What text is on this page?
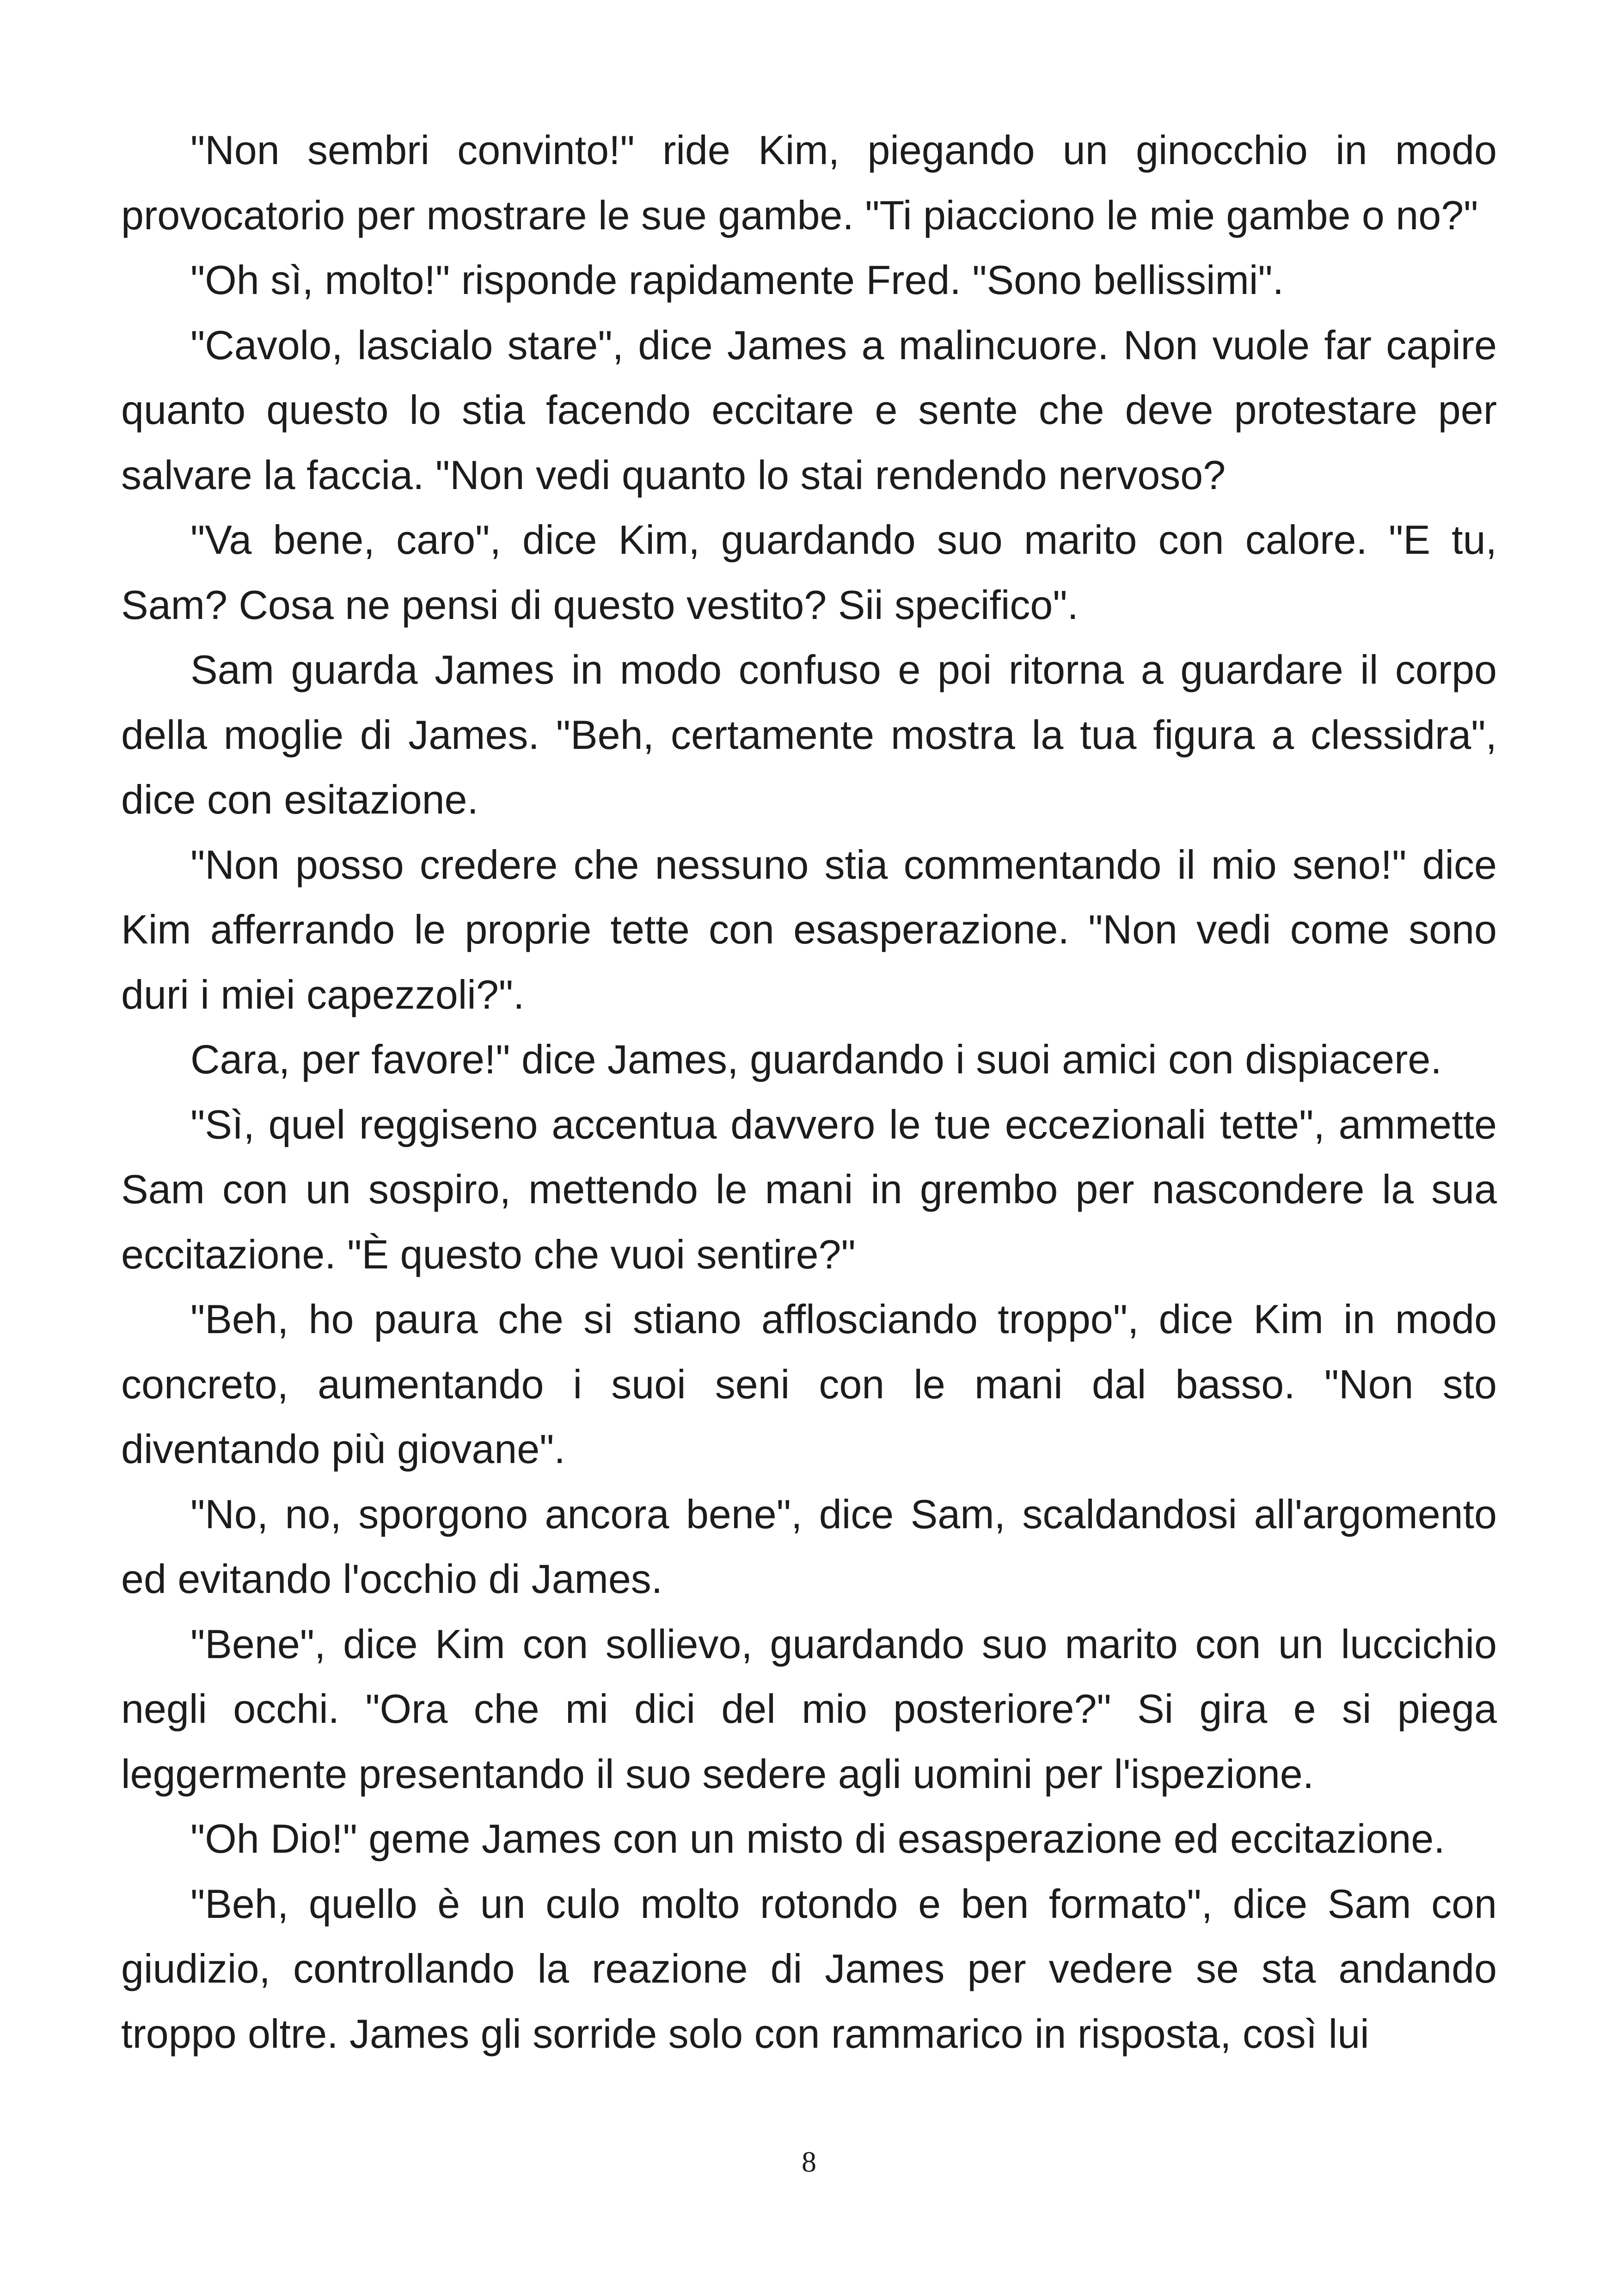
"Non sembri convinto!" ride Kim, piegando un ginocchio in modo provocatorio per mostrare le sue gambe. "Ti piacciono le mie gambe o no?"

"Oh sì, molto!" risponde rapidamente Fred. "Sono bellissimi".

"Cavolo, lascialo stare", dice James a malincuore. Non vuole far capire quanto questo lo stia facendo eccitare e sente che deve protestare per salvare la faccia. "Non vedi quanto lo stai rendendo nervoso?

"Va bene, caro", dice Kim, guardando suo marito con calore. "E tu, Sam? Cosa ne pensi di questo vestito? Sii specifico".

Sam guarda James in modo confuso e poi ritorna a guardare il corpo della moglie di James. "Beh, certamente mostra la tua figura a clessidra", dice con esitazione.

"Non posso credere che nessuno stia commentando il mio seno!" dice Kim afferrando le proprie tette con esasperazione. "Non vedi come sono duri i miei capezzoli?".

Cara, per favore!" dice James, guardando i suoi amici con dispiacere.

"Sì, quel reggiseno accentua davvero le tue eccezionali tette", ammette Sam con un sospiro, mettendo le mani in grembo per nascondere la sua eccitazione. "È questo che vuoi sentire?"

"Beh, ho paura che si stiano afflosciando troppo", dice Kim in modo concreto, aumentando i suoi seni con le mani dal basso. "Non sto diventando più giovane".

"No, no, sporgono ancora bene", dice Sam, scaldandosi all'argomento ed evitando l'occhio di James.

"Bene", dice Kim con sollievo, guardando suo marito con un luccichio negli occhi. "Ora che mi dici del mio posteriore?" Si gira e si piega leggermente presentando il suo sedere agli uomini per l'ispezione.

"Oh Dio!" geme James con un misto di esasperazione ed eccitazione.

"Beh, quello è un culo molto rotondo e ben formato", dice Sam con giudizio, controllando la reazione di James per vedere se sta andando troppo oltre. James gli sorride solo con rammarico in risposta, così lui

8
